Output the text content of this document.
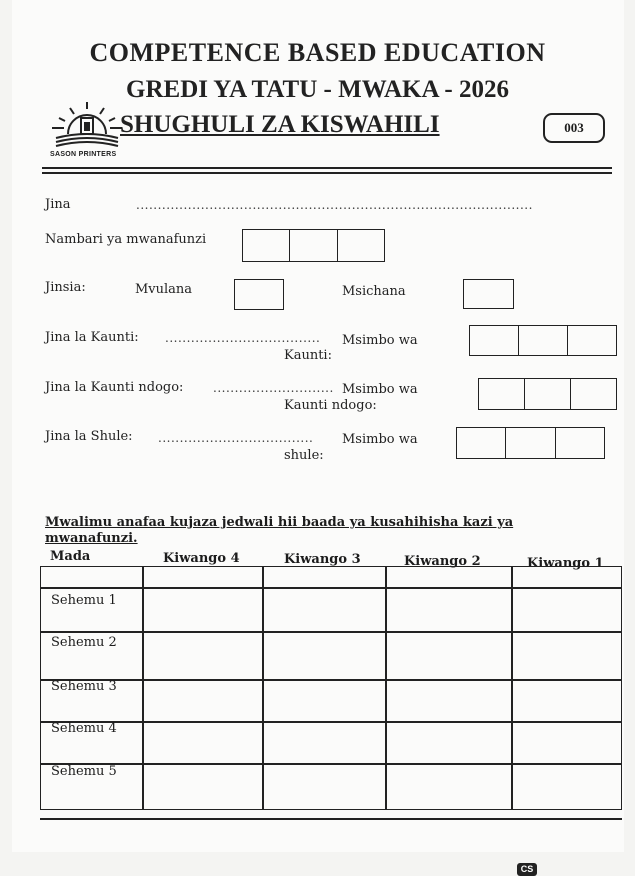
COMPETENCE BASED EDUCATION
GREDI YA TATU - MWAKA - 2026
SASON PRINTERS
SHUGHULI ZA KISWAHILI	003
Jina	............................................................................................
Nambari ya mwanafunzi
Jinsia:	Mvulana	Msichana
Jina la Kaunti: .................................... Msimbo wa
Kaunti:
Jina la Kaunti ndogo: ............................ Msimbo wa
Kaunti ndogo:
Jina la Shule: .................................... Msimbo wa
shule:
Mwalimu anafaa kujaza jedwali hii baada ya kusahihisha kazi ya mwanafunzi.
Mada	Kiwango 4	Kiwango 3	Kiwango 2	Kiwango 1
Sehemu 1
Sehemu 2
Sehemu 3
Sehemu 4
Sehemu 5
CS
